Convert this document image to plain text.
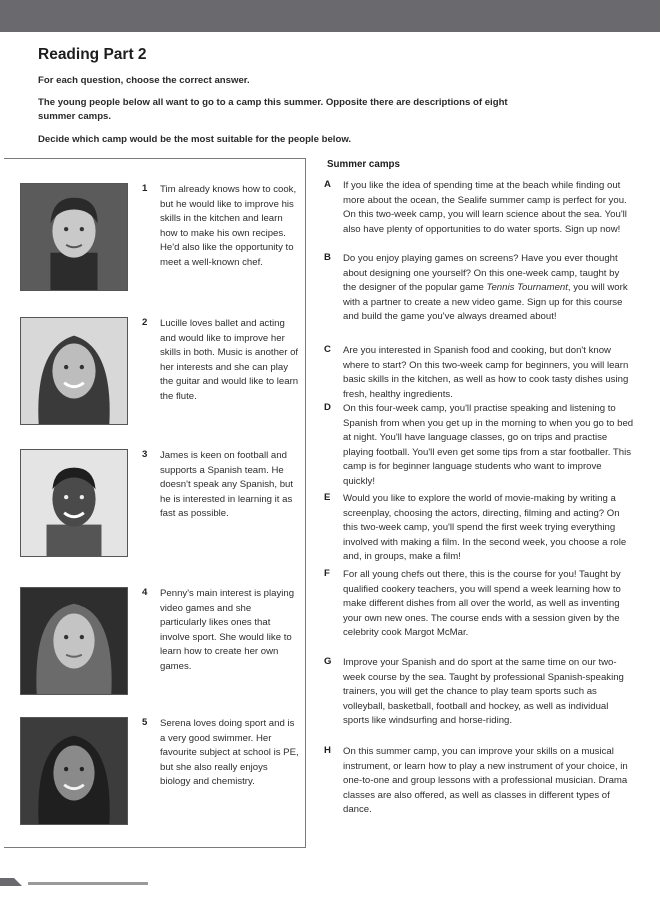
Reading Part 2
For each question, choose the correct answer.
The young people below all want to go to a camp this summer. Opposite there are descriptions of eight summer camps.
Decide which camp would be the most suitable for the people below.
1 Tim already knows how to cook, but he would like to improve his skills in the kitchen and learn how to make his own recipes. He'd also like the opportunity to meet a well-known chef.
2 Lucille loves ballet and acting and would like to improve her skills in both. Music is another of her interests and she can play the guitar and would like to learn the flute.
3 James is keen on football and supports a Spanish team. He doesn't speak any Spanish, but he is interested in learning it as fast as possible.
4 Penny's main interest is playing video games and she particularly likes ones that involve sport. She would like to learn how to create her own games.
5 Serena loves doing sport and is a very good swimmer. Her favourite subject at school is PE, but she also really enjoys biology and chemistry.
Summer camps
A If you like the idea of spending time at the beach while finding out more about the ocean, the Sealife summer camp is perfect for you. On this two-week camp, you will learn science about the sea. You'll also have plenty of opportunities to do water sports. Sign up now!
B Do you enjoy playing games on screens? Have you ever thought about designing one yourself? On this one-week camp, taught by the designer of the popular game Tennis Tournament, you will work with a partner to create a new video game. Sign up for this course and build the game you've always dreamed about!
C Are you interested in Spanish food and cooking, but don't know where to start? On this two-week camp for beginners, you will learn basic skills in the kitchen, as well as how to cook tasty dishes using fresh, healthy ingredients.
D On this four-week camp, you'll practise speaking and listening to Spanish from when you get up in the morning to when you go to bed at night. You'll have language classes, go on trips and practise playing football. You'll even get some tips from a star footballer. This camp is for beginner language students who want to improve quickly!
E Would you like to explore the world of movie-making by writing a screenplay, choosing the actors, directing, filming and acting? On this two-week camp, you'll spend the first week trying everything involved with making a film. In the second week, you choose a role and, in groups, make a film!
F For all young chefs out there, this is the course for you! Taught by qualified cookery teachers, you will spend a week learning how to make different dishes from all over the world, as well as inventing your own new ones. The course ends with a session given by the celebrity cook Margot McMar.
G Improve your Spanish and do sport at the same time on our two-week course by the sea. Taught by professional Spanish-speaking trainers, you will get the chance to play team sports such as volleyball, basketball, football and hockey, as well as individual sports like windsurfing and horse-riding.
H On this summer camp, you can improve your skills on a musical instrument, or learn how to play a new instrument of your choice, in one-to-one and group lessons with a professional musician. Drama classes are also offered, as well as classes in different types of dance.
